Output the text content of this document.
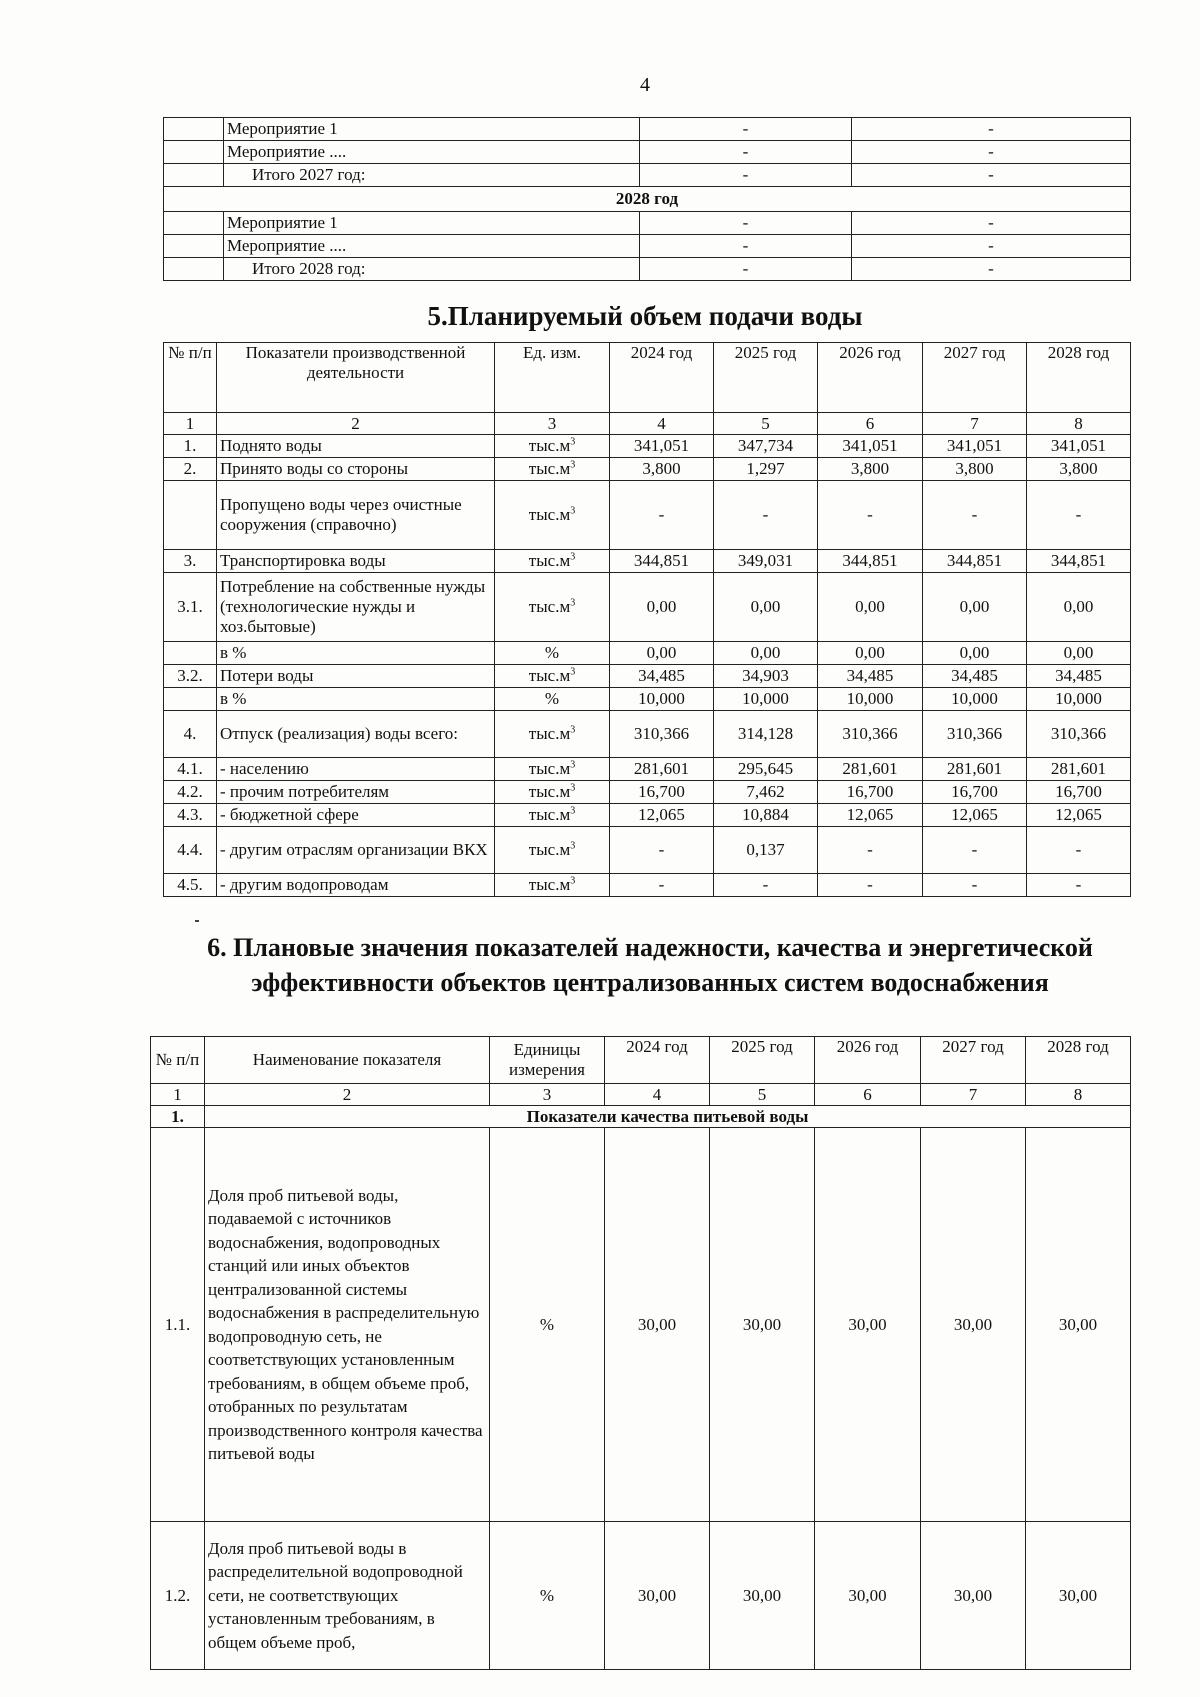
4
	Мероприятие 1	-	-
	Мероприятие ....	-	-
	Итого 2027 год:	-	-
2028 год			
	Мероприятие 1	-	-
	Мероприятие ....	-	-
	Итого 2028 год:	-	-
5.Планируемый объем подачи воды
№ п/п	Показатели производственной деятельности	Ед. изм.	2024 год	2025 год	2026 год	2027 год	2028 год
1	2	3	4	5	6	7	8
1.	Поднято воды	$тыс.м^3$	341,051	347,734	341,051	341,051	341,051
2.	Принято воды со стороны	$тыс.м^3$	3,800	1,297	3,800	3,800	3,800
	Пропущено воды через очистные сооружения (справочно)	$тыс.м^3$	-	-	-	-	-
3.	Транспортировка воды	$тыс.м^3$	344,851	349,031	344,851	344,851	344,851
3.1.	Потребление на собственные нужды (технологические нужды и хоз.бытовые)	$тыс.м^3$	0,00	0,00	0,00	0,00	0,00
	в %	%	0,00	0,00	0,00	0,00	0,00
3.2.	Потери воды	$тыс.м^3$	34,485	34,903	34,485	34,485	34,485
	в %	%	10,000	10,000	10,000	10,000	10,000
4.	Отпуск (реализация) воды всего:	$тыс.м^3$	310,366	314,128	310,366	310,366	310,366
4.1.	- населению	$тыс.м^3$	281,601	295,645	281,601	281,601	281,601
4.2.	- прочим потребителям	$тыс.м^3$	16,700	7,462	16,700	16,700	16,700
4.3.	- бюджетной сфере	$тыс.м^3$	12,065	10,884	12,065	12,065	12,065
4.4.	- другим отраслям организации ВКХ	$тыс.м^3$	-	0,137	-	-	-
4.5.	- другим водопроводам	$тыс.м^3$	-	-	-	-	-
6. Плановые значения показателей надежности, качества и энергетической эффективности объектов централизованных систем водоснабжения
№ п/п	Наименование показателя	Единицы измерения	2024 год	2025 год	2026 год	2027 год	2028 год
1	2	3	4	5	6	7	8
1.	Показатели качества питьевой воды						
1.1.	Доля проб питьевой воды, подаваемой с источников водоснабжения, водопроводных станций или иных объектов централизованной системы водоснабжения в распределительную водопроводную сеть, не соответствующих установленным требованиям, в общем объеме проб, отобранных по результатам производственного контроля качества питьевой воды	%	30,00	30,00	30,00	30,00	30,00
1.2.	Доля проб питьевой воды в распределительной водопроводной сети, не соответствующих установленным требованиям, в общем объеме проб,	%	30,00	30,00	30,00	30,00	30,00
